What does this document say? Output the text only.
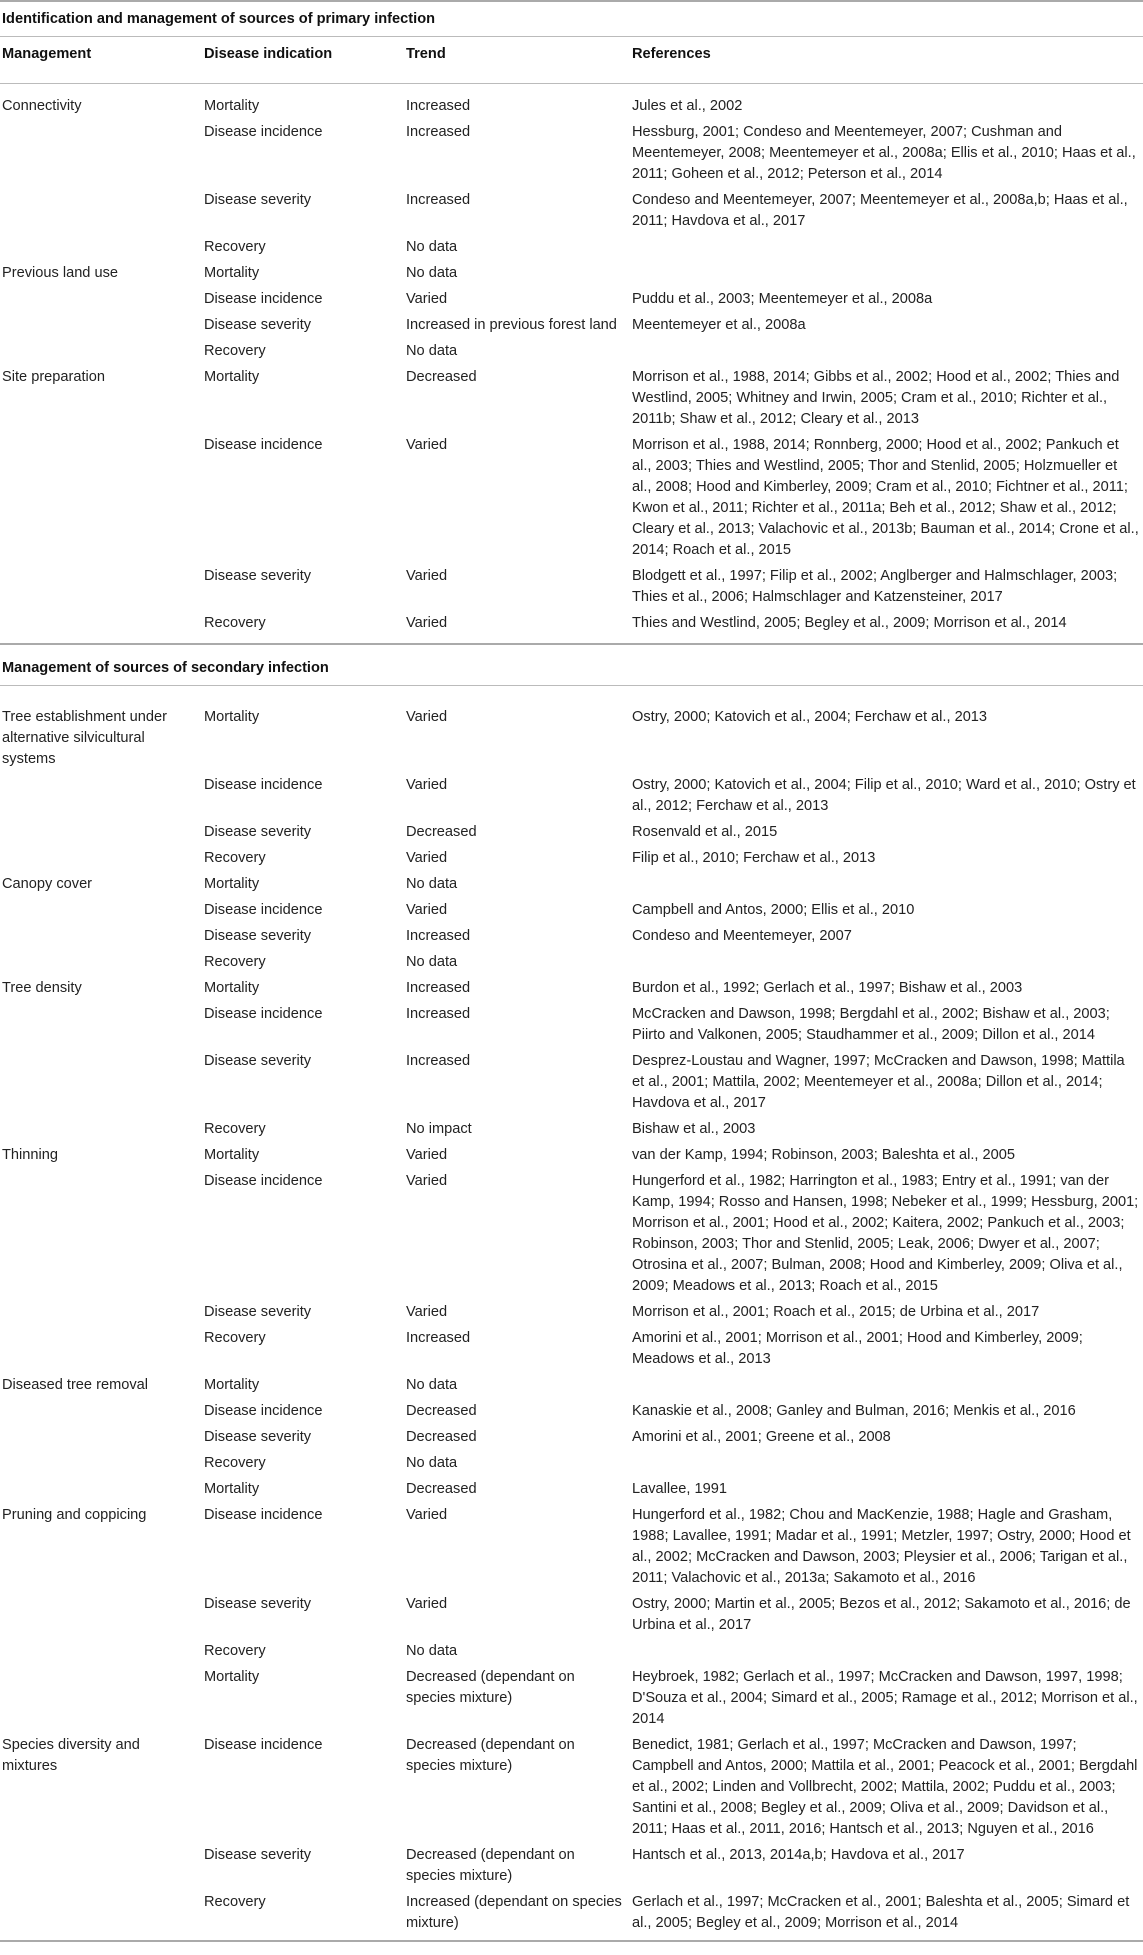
Identification and management of sources of primary infection			
Management	Disease indication	Trend	References
Connectivity	Mortality	Increased	Jules et al., 2002
	Disease incidence	Increased	Hessburg, 2001; Condeso and Meentemeyer, 2007; Cushman and Meentemeyer, 2008; Meentemeyer et al., 2008a; Ellis et al., 2010; Haas et al., 2011; Goheen et al., 2012; Peterson et al., 2014
	Disease severity	Increased	Condeso and Meentemeyer, 2007; Meentemeyer et al., 2008a,b; Haas et al., 2011; Havdova et al., 2017
	Recovery	No data	
Previous land use	Mortality	No data	
	Disease incidence	Varied	Puddu et al., 2003; Meentemeyer et al., 2008a
	Disease severity	Increased in previous forest land	Meentemeyer et al., 2008a
	Recovery	No data	
Site preparation	Mortality	Decreased	Morrison et al., 1988, 2014; Gibbs et al., 2002; Hood et al., 2002; Thies and Westlind, 2005; Whitney and Irwin, 2005; Cram et al., 2010; Richter et al., 2011b; Shaw et al., 2012; Cleary et al., 2013
	Disease incidence	Varied	Morrison et al., 1988, 2014; Ronnberg, 2000; Hood et al., 2002; Pankuch et al., 2003; Thies and Westlind, 2005; Thor and Stenlid, 2005; Holzmueller et al., 2008; Hood and Kimberley, 2009; Cram et al., 2010; Fichtner et al., 2011; Kwon et al., 2011; Richter et al., 2011a; Beh et al., 2012; Shaw et al., 2012; Cleary et al., 2013; Valachovic et al., 2013b; Bauman et al., 2014; Crone et al., 2014; Roach et al., 2015
	Disease severity	Varied	Blodgett et al., 1997; Filip et al., 2002; Anglberger and Halmschlager, 2003; Thies et al., 2006; Halmschlager and Katzensteiner, 2017
	Recovery	Varied	Thies and Westlind, 2005; Begley et al., 2009; Morrison et al., 2014
Management of sources of secondary infection			

Tree establishment under alternative silvicultural systems	Mortality	Varied	Ostry, 2000; Katovich et al., 2004; Ferchaw et al., 2013
	Disease incidence	Varied	Ostry, 2000; Katovich et al., 2004; Filip et al., 2010; Ward et al., 2010; Ostry et al., 2012; Ferchaw et al., 2013
	Disease severity	Decreased	Rosenvald et al., 2015
	Recovery	Varied	Filip et al., 2010; Ferchaw et al., 2013
Canopy cover	Mortality	No data	
	Disease incidence	Varied	Campbell and Antos, 2000; Ellis et al., 2010
	Disease severity	Increased	Condeso and Meentemeyer, 2007
	Recovery	No data	
Tree density	Mortality	Increased	Burdon et al., 1992; Gerlach et al., 1997; Bishaw et al., 2003
	Disease incidence	Increased	McCracken and Dawson, 1998; Bergdahl et al., 2002; Bishaw et al., 2003; Piirto and Valkonen, 2005; Staudhammer et al., 2009; Dillon et al., 2014
	Disease severity	Increased	Desprez-Loustau and Wagner, 1997; McCracken and Dawson, 1998; Mattila et al., 2001; Mattila, 2002; Meentemeyer et al., 2008a; Dillon et al., 2014; Havdova et al., 2017
	Recovery	No impact	Bishaw et al., 2003
Thinning	Mortality	Varied	van der Kamp, 1994; Robinson, 2003; Baleshta et al., 2005
	Disease incidence	Varied	Hungerford et al., 1982; Harrington et al., 1983; Entry et al., 1991; van der Kamp, 1994; Rosso and Hansen, 1998; Nebeker et al., 1999; Hessburg, 2001; Morrison et al., 2001; Hood et al., 2002; Kaitera, 2002; Pankuch et al., 2003; Robinson, 2003; Thor and Stenlid, 2005; Leak, 2006; Dwyer et al., 2007; Otrosina et al., 2007; Bulman, 2008; Hood and Kimberley, 2009; Oliva et al., 2009; Meadows et al., 2013; Roach et al., 2015
	Disease severity	Varied	Morrison et al., 2001; Roach et al., 2015; de Urbina et al., 2017
	Recovery	Increased	Amorini et al., 2001; Morrison et al., 2001; Hood and Kimberley, 2009; Meadows et al., 2013
Diseased tree removal	Mortality	No data	
	Disease incidence	Decreased	Kanaskie et al., 2008; Ganley and Bulman, 2016; Menkis et al., 2016
	Disease severity	Decreased	Amorini et al., 2001; Greene et al., 2008
	Recovery	No data	
	Mortality	Decreased	Lavallee, 1991
Pruning and coppicing	Disease incidence	Varied	Hungerford et al., 1982; Chou and MacKenzie, 1988; Hagle and Grasham, 1988; Lavallee, 1991; Madar et al., 1991; Metzler, 1997; Ostry, 2000; Hood et al., 2002; McCracken and Dawson, 2003; Pleysier et al., 2006; Tarigan et al., 2011; Valachovic et al., 2013a; Sakamoto et al., 2016
	Disease severity	Varied	Ostry, 2000; Martin et al., 2005; Bezos et al., 2012; Sakamoto et al., 2016; de Urbina et al., 2017
	Recovery	No data	
	Mortality	Decreased (dependant on species mixture)	Heybroek, 1982; Gerlach et al., 1997; McCracken and Dawson, 1997, 1998; D'Souza et al., 2004; Simard et al., 2005; Ramage et al., 2012; Morrison et al., 2014
Species diversity and mixtures	Disease incidence	Decreased (dependant on species mixture)	Benedict, 1981; Gerlach et al., 1997; McCracken and Dawson, 1997; Campbell and Antos, 2000; Mattila et al., 2001; Peacock et al., 2001; Bergdahl et al., 2002; Linden and Vollbrecht, 2002; Mattila, 2002; Puddu et al., 2003; Santini et al., 2008; Begley et al., 2009; Oliva et al., 2009; Davidson et al., 2011; Haas et al., 2011, 2016; Hantsch et al., 2013; Nguyen et al., 2016
	Disease severity	Decreased (dependant on species mixture)	Hantsch et al., 2013, 2014a,b; Havdova et al., 2017
	Recovery	Increased (dependant on species mixture)	Gerlach et al., 1997; McCracken et al., 2001; Baleshta et al., 2005; Simard et al., 2005; Begley et al., 2009; Morrison et al., 2014
